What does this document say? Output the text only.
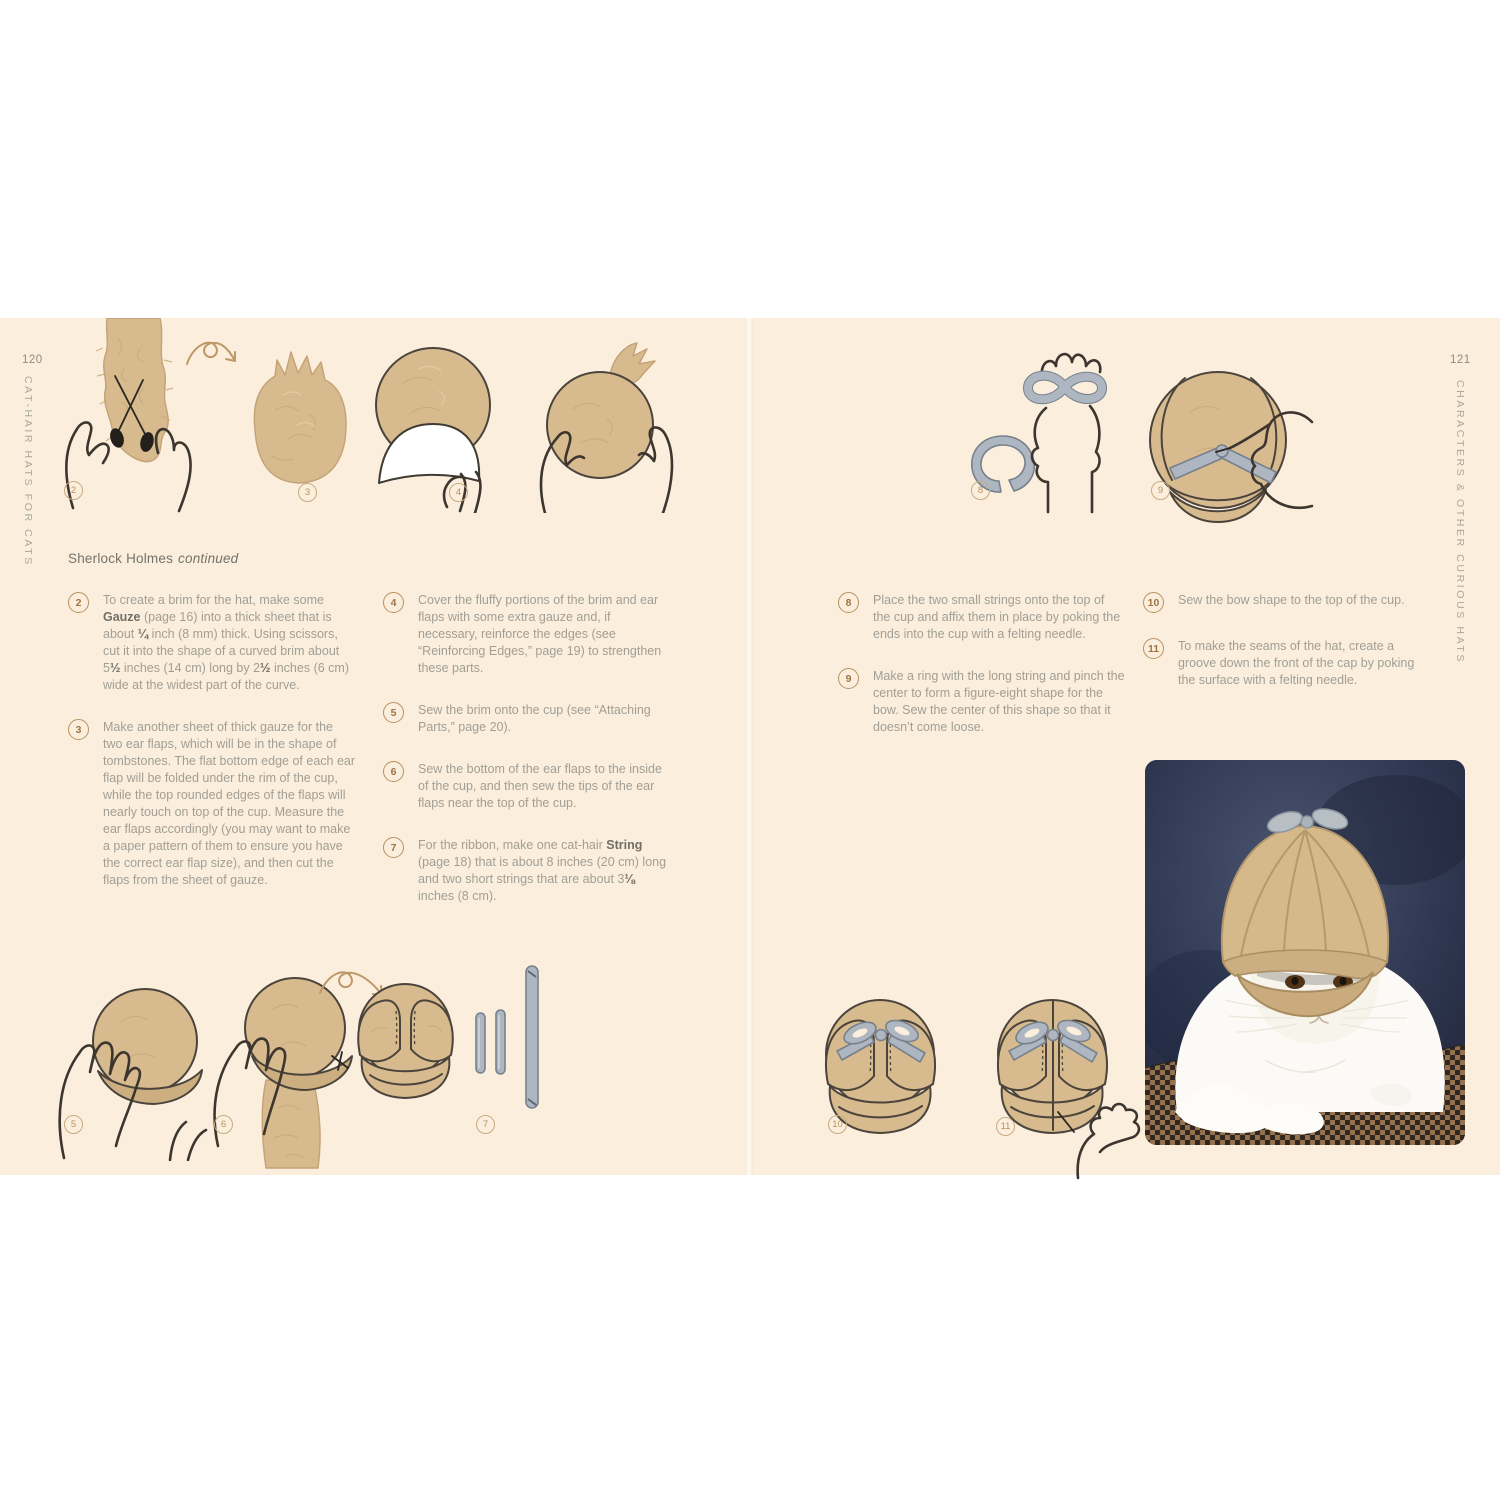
120
CAT-HAIR HATS FOR CATS	2	3	4
Sherlock Holmes continued
2	To create a brim for the hat, make some Gauze (page 16) into a thick sheet that is about ¼ inch (8 mm) thick. Using scissors, cut it into the shape of a curved brim about 5½ inches (14 cm) long by 2½ inches (6 cm) wide at the widest part of the curve.

3	Make another sheet of thick gauze for the two ear flaps, which will be in the shape of tombstones. The flat bottom edge of each ear flap will be folded under the rim of the cup, while the top rounded edges of the flaps will nearly touch on top of the cup. Measure the ear flaps accordingly (you may want to make a paper pattern of them to ensure you have the correct ear flap size), and then cut the flaps from the sheet of gauze.

4	Cover the fluffy portions of the brim and ear flaps with some extra gauze and, if necessary, reinforce the edges (see “Reinforcing Edges,” page 19) to strengthen these parts.

5	Sew the brim onto the cup (see “Attaching Parts,” page 20).

6	Sew the bottom of the ear flaps to the inside of the cup, and then sew the tips of the ear flaps near the top of the cup.

7	For the ribbon, make one cat-hair String (page 18) that is about 8 inches (20 cm) long and two short strings that are about 3⅛ inches (8 cm).

5	6	7
121
CHARACTERS & OTHER CURIOUS HATS
8	9
8	Place the two small strings onto the top of the cup and affix them in place by poking the ends into the cup with a felting needle.

9	Make a ring with the long string and pinch the center to form a figure-eight shape for the bow. Sew the center of this shape so that it doesn’t come loose.

10	Sew the bow shape to the top of the cup.

11	To make the seams of the hat, create a groove down the front of the cap by poking the surface with a felting needle.

10	11
